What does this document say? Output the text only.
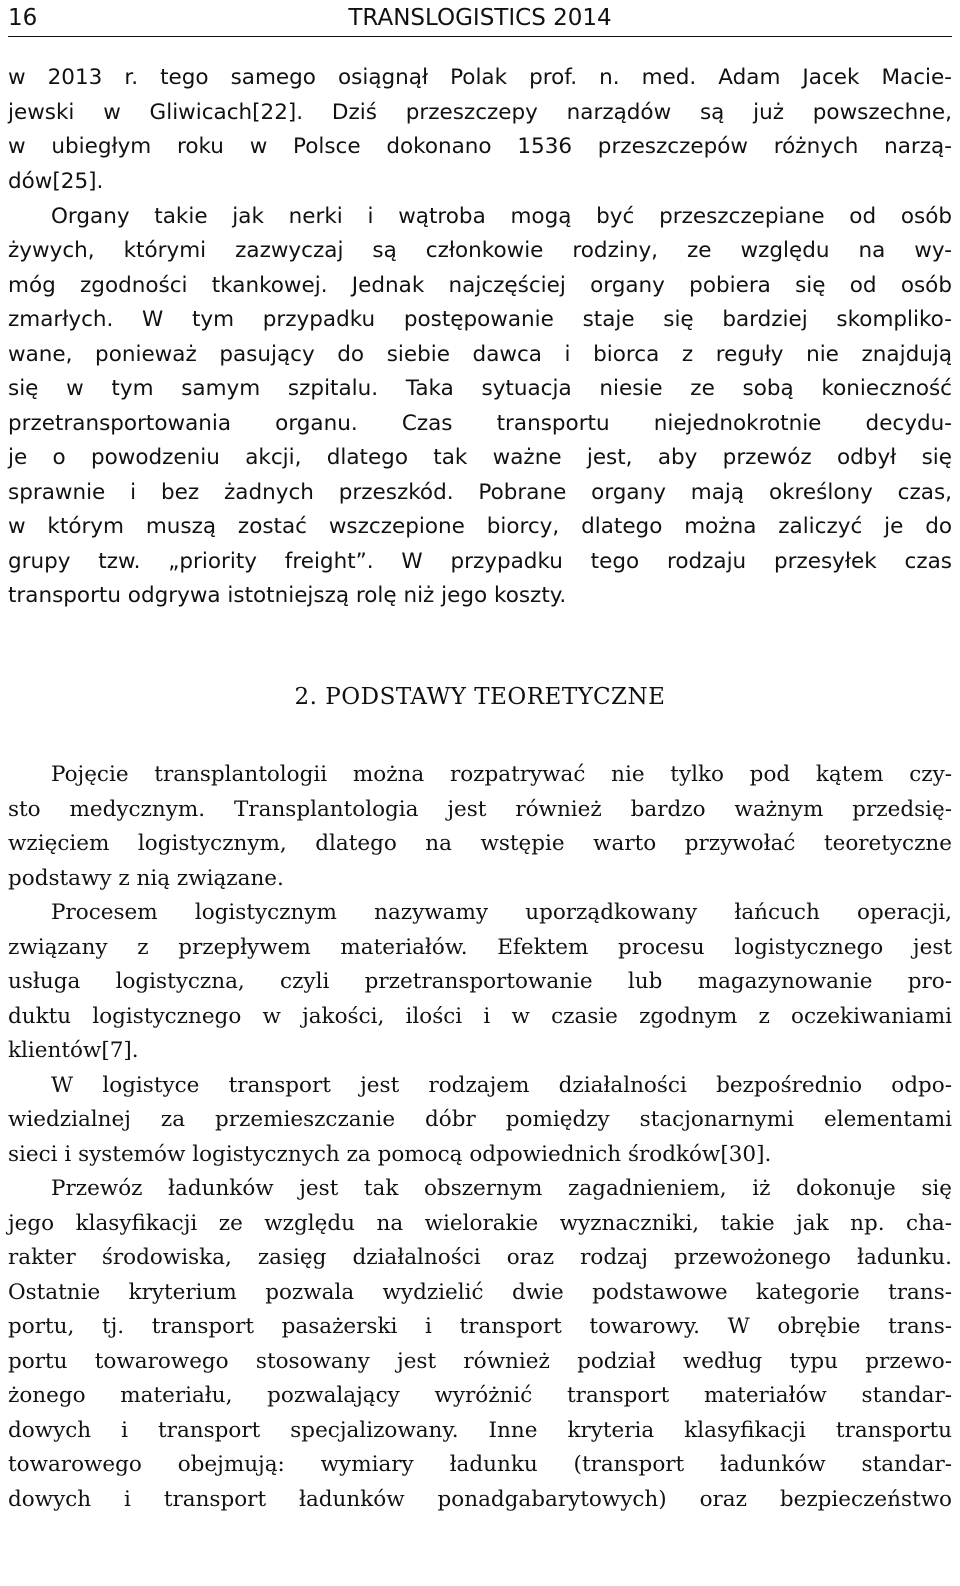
16	TRANSLOGISTICS 2014
w 2013 r. tego samego osiągnął Polak prof. n. med. Adam Jacek Macie-
jewski w Gliwicach[22]. Dziś przeszczepy narządów są już powszechne,
w ubiegłym roku w Polsce dokonano 1536 przeszczepów różnych narzą-
dów[25].
Organy takie jak nerki i wątroba mogą być przeszczepiane od osób
żywych, którymi zazwyczaj są członkowie rodziny, ze względu na wy-
móg zgodności tkankowej. Jednak najczęściej organy pobiera się od osób
zmarłych. W tym przypadku postępowanie staje się bardziej skompliko-
wane, ponieważ pasujący do siebie dawca i biorca z reguły nie znajdują
się w tym samym szpitalu. Taka sytuacja niesie ze sobą konieczność
przetransportowania organu. Czas transportu niejednokrotnie decydu-
je o powodzeniu akcji, dlatego tak ważne jest, aby przewóz odbył się
sprawnie i bez żadnych przeszkód. Pobrane organy mają określony czas,
w którym muszą zostać wszczepione biorcy, dlatego można zaliczyć je do
grupy tzw. „priority freight”. W przypadku tego rodzaju przesyłek czas
transportu odgrywa istotniejszą rolę niż jego koszty.
2. PODSTAWY TEORETYCZNE
Pojęcie transplantologii można rozpatrywać nie tylko pod kątem czy-
sto medycznym. Transplantologia jest również bardzo ważnym przedsię-
wzięciem logistycznym, dlatego na wstępie warto przywołać teoretyczne
podstawy z nią związane.
Procesem logistycznym nazywamy uporządkowany łańcuch operacji,
związany z przepływem materiałów. Efektem procesu logistycznego jest
usługa logistyczna, czyli przetransportowanie lub magazynowanie pro-
duktu logistycznego w jakości, ilości i w czasie zgodnym z oczekiwaniami
klientów[7].
W logistyce transport jest rodzajem działalności bezpośrednio odpo-
wiedzialnej za przemieszczanie dóbr pomiędzy stacjonarnymi elementami
sieci i systemów logistycznych za pomocą odpowiednich środków[30].
Przewóz ładunków jest tak obszernym zagadnieniem, iż dokonuje się
jego klasyfikacji ze względu na wielorakie wyznaczniki, takie jak np. cha-
rakter środowiska, zasięg działalności oraz rodzaj przewożonego ładunku.
Ostatnie kryterium pozwala wydzielić dwie podstawowe kategorie trans-
portu, tj. transport pasażerski i transport towarowy. W obrębie trans-
portu towarowego stosowany jest również podział według typu przewo-
żonego materiału, pozwalający wyróżnić transport materiałów standar-
dowych i transport specjalizowany. Inne kryteria klasyfikacji transportu
towarowego obejmują: wymiary ładunku (transport ładunków standar-
dowych i transport ładunków ponadgabarytowych) oraz bezpieczeństwo
